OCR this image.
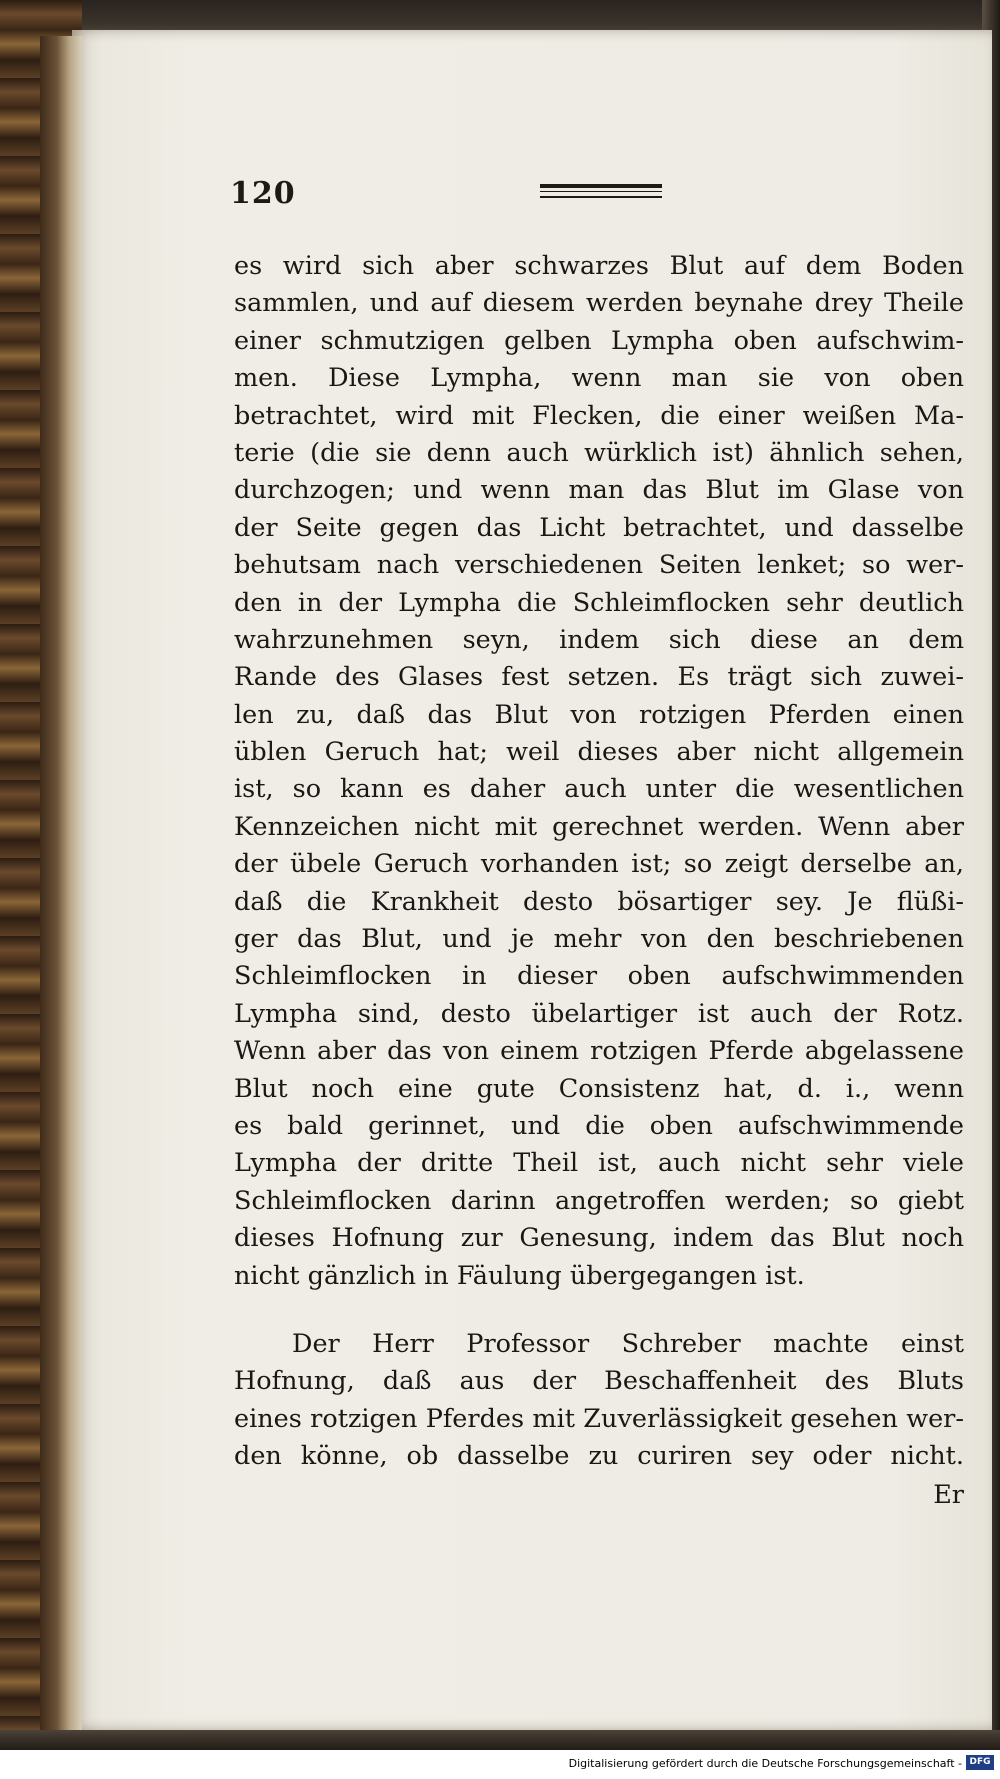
120
es wird sich aber schwarzes Blut auf dem Boden
sammlen, und auf diesem werden beynahe drey Theile
einer schmutzigen gelben Lympha oben aufschwim-
men. Diese Lympha, wenn man sie von oben
betrachtet, wird mit Flecken, die einer weißen Ma-
terie (die sie denn auch würklich ist) ähnlich sehen,
durchzogen; und wenn man das Blut im Glase von
der Seite gegen das Licht betrachtet, und dasselbe
behutsam nach verschiedenen Seiten lenket; so wer-
den in der Lympha die Schleimflocken sehr deutlich
wahrzunehmen seyn, indem sich diese an dem
Rande des Glases fest setzen. Es trägt sich zuwei-
len zu, daß das Blut von rotzigen Pferden einen
üblen Geruch hat; weil dieses aber nicht allgemein
ist, so kann es daher auch unter die wesentlichen
Kennzeichen nicht mit gerechnet werden. Wenn aber
der übele Geruch vorhanden ist; so zeigt derselbe an,
daß die Krankheit desto bösartiger sey. Je flüßi-
ger das Blut, und je mehr von den beschriebenen
Schleimflocken in dieser oben aufschwimmenden
Lympha sind, desto übelartiger ist auch der Rotz.
Wenn aber das von einem rotzigen Pferde abgelassene
Blut noch eine gute Consistenz hat, d. i., wenn
es bald gerinnet, und die oben aufschwimmende
Lympha der dritte Theil ist, auch nicht sehr viele
Schleimflocken darinn angetroffen werden; so giebt
dieses Hofnung zur Genesung, indem das Blut noch
nicht gänzlich in Fäulung übergegangen ist.
Der Herr Professor Schreber machte einst
Hofnung, daß aus der Beschaffenheit des Bluts
eines rotzigen Pferdes mit Zuverlässigkeit gesehen wer-
den könne, ob dasselbe zu curiren sey oder nicht.
Er
Digitalisierung gefördert durch die Deutsche Forschungsgemeinschaft - DFG
